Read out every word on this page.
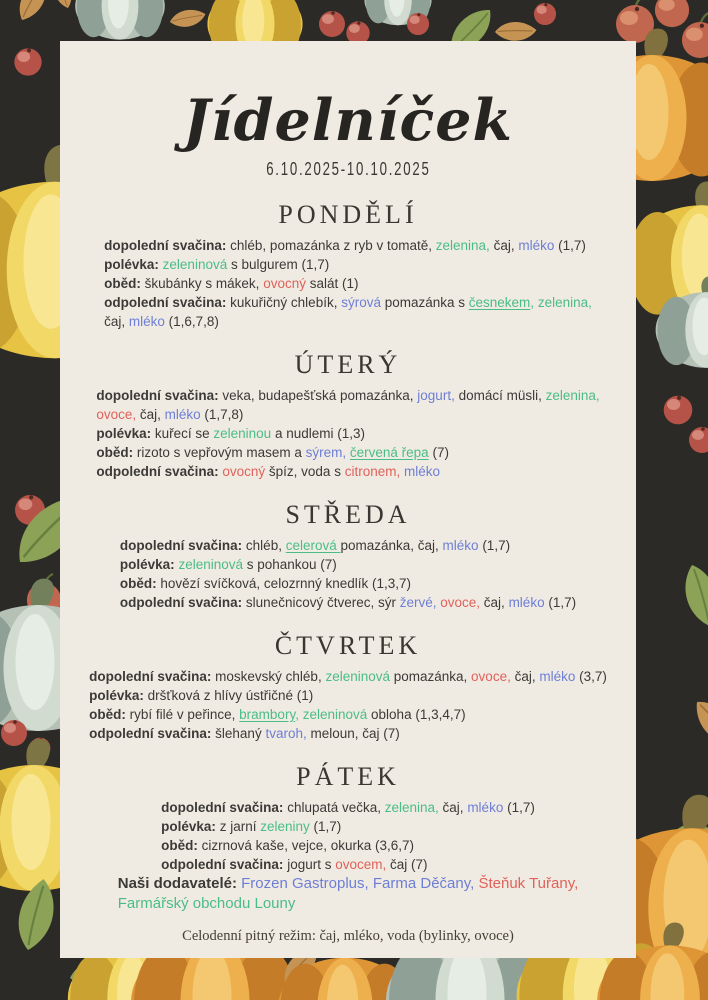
Jídelníček
6.10.2025-10.10.2025
PONDĚLÍ
dopolední svačina: chléb, pomazánka z ryb v tomatě, zelenina, čaj, mléko (1,7)
polévka: zeleninová s bulgurem (1,7)
oběd: škubánky s mákek, ovocný salát (1)
odpolední svačina: kukuřičný chlebík, sýrová pomazánka s česnekem, zelenina,
čaj, mléko (1,6,7,8)
ÚTERÝ
dopolední svačina: veka, budapešťská pomazánka, jogurt, domácí müsli, zelenina,
ovoce, čaj, mléko (1,7,8)
polévka: kuřecí se zeleninou a nudlemi (1,3)
oběd: rizoto s vepřovým masem a sýrem, červená řepa (7)
odpolední svačina: ovocný špíz, voda s citronem, mléko
STŘEDA
dopolední svačina: chléb, celerová pomazánka, čaj, mléko (1,7)
polévka: zeleninová s pohankou (7)
oběd: hovězí svíčková, celozrnný knedlík (1,3,7)
odpolední svačina: slunečnicový čtverec, sýr žervé, ovoce, čaj, mléko (1,7)
ČTVRTEK
dopolední svačina: moskevský chléb, zeleninová pomazánka, ovoce, čaj, mléko (3,7)
polévka: dršťková z hlívy ústřičné (1)
oběd: rybí filé v peřince, brambory, zeleninová obloha (1,3,4,7)
odpolední svačina: šlehaný tvaroh, meloun, čaj (7)
PÁTEK
dopolední svačina: chlupatá večka, zelenina, čaj, mléko (1,7)
polévka: z jarní zeleniny (1,7)
oběd: cizrnová kaše, vejce, okurka (3,6,7)
odpolední svačina: jogurt s ovocem, čaj (7)
Naši dodavatelé: Frozen Gastroplus, Farma Děčany, Šteňuk Tuřany,
Farmářský obchodu Louny
Celodenní pitný režim: čaj, mléko, voda (bylinky, ovoce)
